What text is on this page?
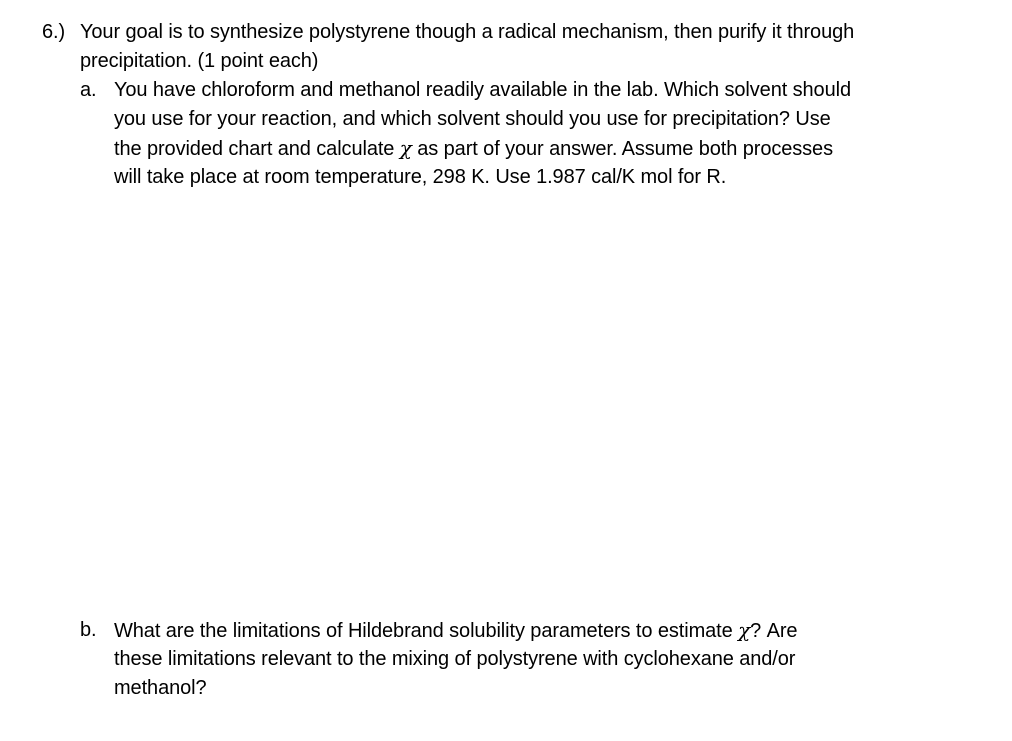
6.) Your goal is to synthesize polystyrene though a radical mechanism, then purify it through
precipitation. (1 point each)
a. You have chloroform and methanol readily available in the lab. Which solvent should
you use for your reaction, and which solvent should you use for precipitation? Use
the provided chart and calculate χ as part of your answer. Assume both processes
will take place at room temperature, 298 K. Use 1.987 cal/K mol for R.
b. What are the limitations of Hildebrand solubility parameters to estimate χ? Are
these limitations relevant to the mixing of polystyrene with cyclohexane and/or
methanol?
